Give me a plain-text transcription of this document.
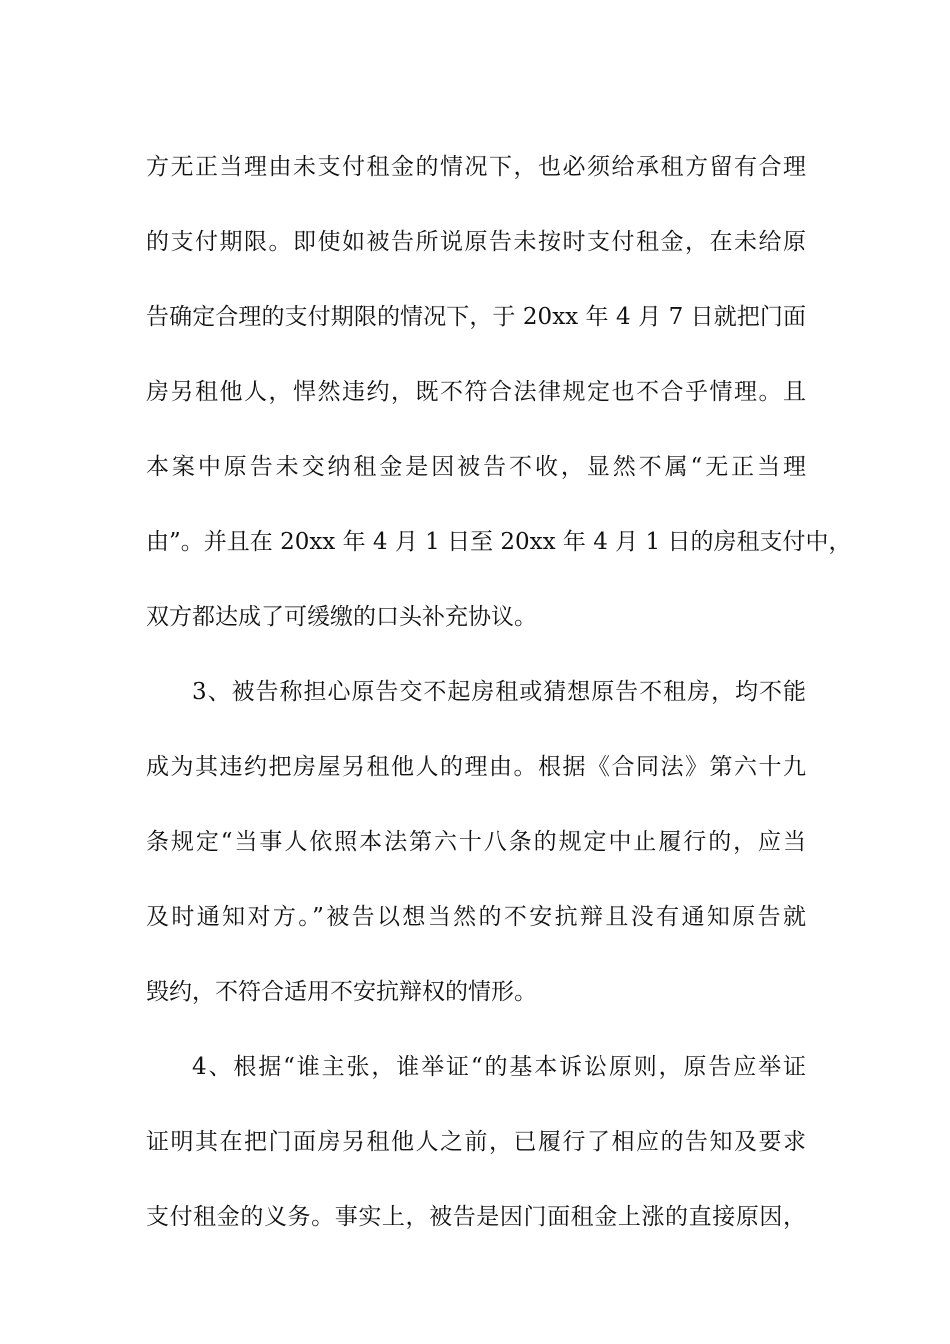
方无正当理由未支付租金的情况下，也必须给承租方留有合理
的支付期限。即使如被告所说原告未按时支付租金，在未给原
告确定合理的支付期限的情况下，于 20xx 年 4 月 7 日就把门面
房另租他人，悍然违约，既不符合法律规定也不合乎情理。且
本案中原告未交纳租金是因被告不收，显然不属“无正当理
由”。并且在 20xx 年 4 月 1 日至 20xx 年 4 月 1 日的房租支付中，
双方都达成了可缓缴的口头补充协议。
3、被告称担心原告交不起房租或猜想原告不租房，均不能
成为其违约把房屋另租他人的理由。根据《合同法》第六十九
条规定“当事人依照本法第六十八条的规定中止履行的，应当
及时通知对方。”被告以想当然的不安抗辩且没有通知原告就
毁约，不符合适用不安抗辩权的情形。
4、根据“谁主张，谁举证“的基本诉讼原则，原告应举证
证明其在把门面房另租他人之前，已履行了相应的告知及要求
支付租金的义务。事实上，被告是因门面租金上涨的直接原因，
